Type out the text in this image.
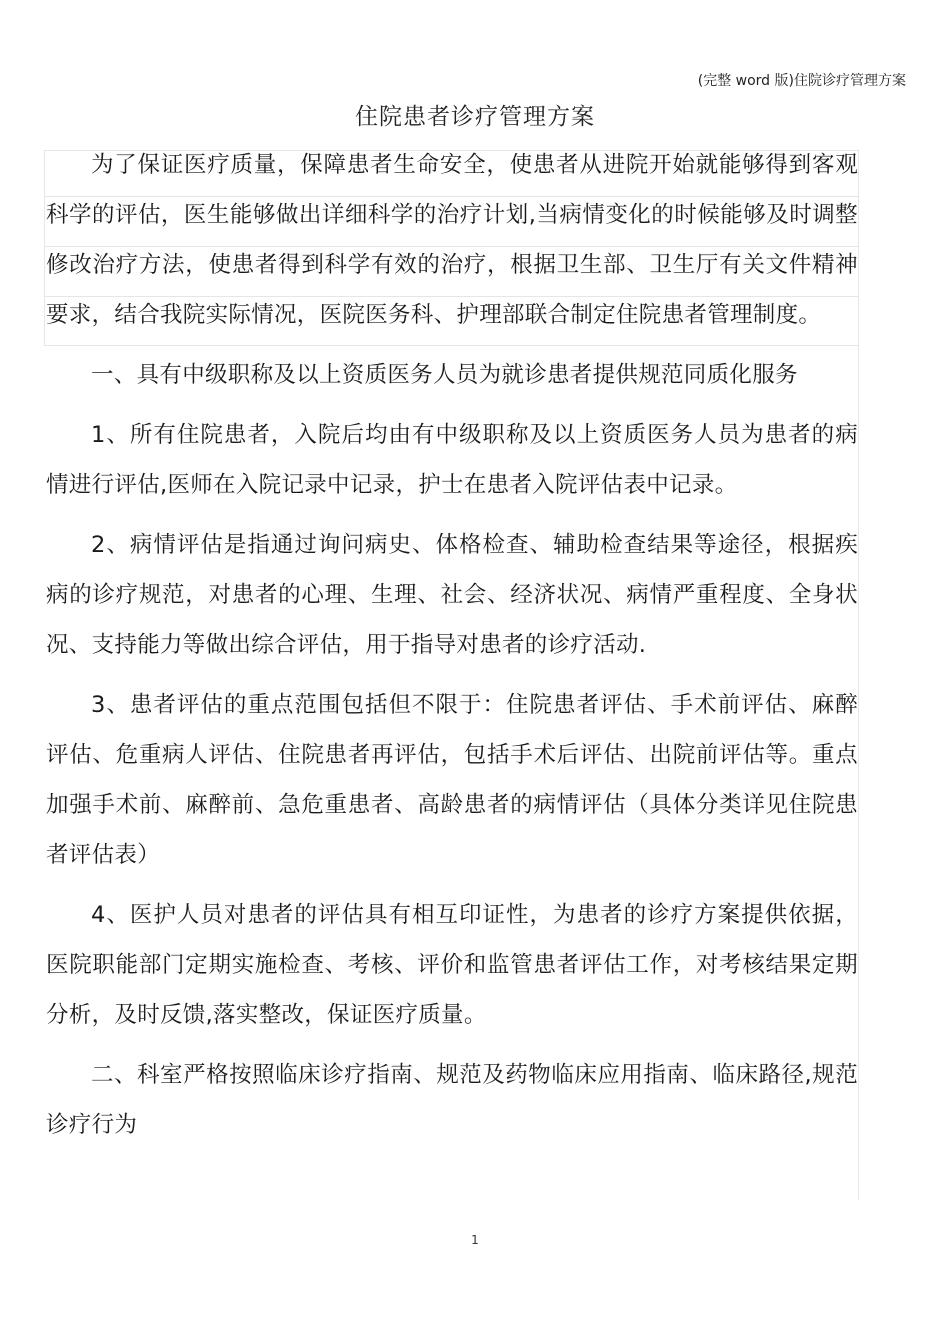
(完整 word 版)住院诊疗管理方案
住院患者诊疗管理方案

为了保证医疗质量，保障患者生命安全，使患者从进院开始就能够得到客观科学的评估，医生能够做出详细科学的治疗计划,当病情变化的时候能够及时调整修改治疗方法，使患者得到科学有效的治疗，根据卫生部、卫生厅有关文件精神要求，结合我院实际情况，医院医务科、护理部联合制定住院患者管理制度。

一、具有中级职称及以上资质医务人员为就诊患者提供规范同质化服务

1、所有住院患者，入院后均由有中级职称及以上资质医务人员为患者的病情进行评估,医师在入院记录中记录，护士在患者入院评估表中记录。

2、病情评估是指通过询问病史、体格检查、辅助检查结果等途径，根据疾病的诊疗规范，对患者的心理、生理、社会、经济状况、病情严重程度、全身状况、支持能力等做出综合评估，用于指导对患者的诊疗活动.

3、患者评估的重点范围包括但不限于：住院患者评估、手术前评估、麻醉评估、危重病人评估、住院患者再评估，包括手术后评估、出院前评估等。重点加强手术前、麻醉前、急危重患者、高龄患者的病情评估（具体分类详见住院患者评估表）

4、医护人员对患者的评估具有相互印证性，为患者的诊疗方案提供依据，医院职能部门定期实施检查、考核、评价和监管患者评估工作，对考核结果定期分析，及时反馈,落实整改，保证医疗质量。

二、科室严格按照临床诊疗指南、规范及药物临床应用指南、临床路径,规范诊疗行为

1
